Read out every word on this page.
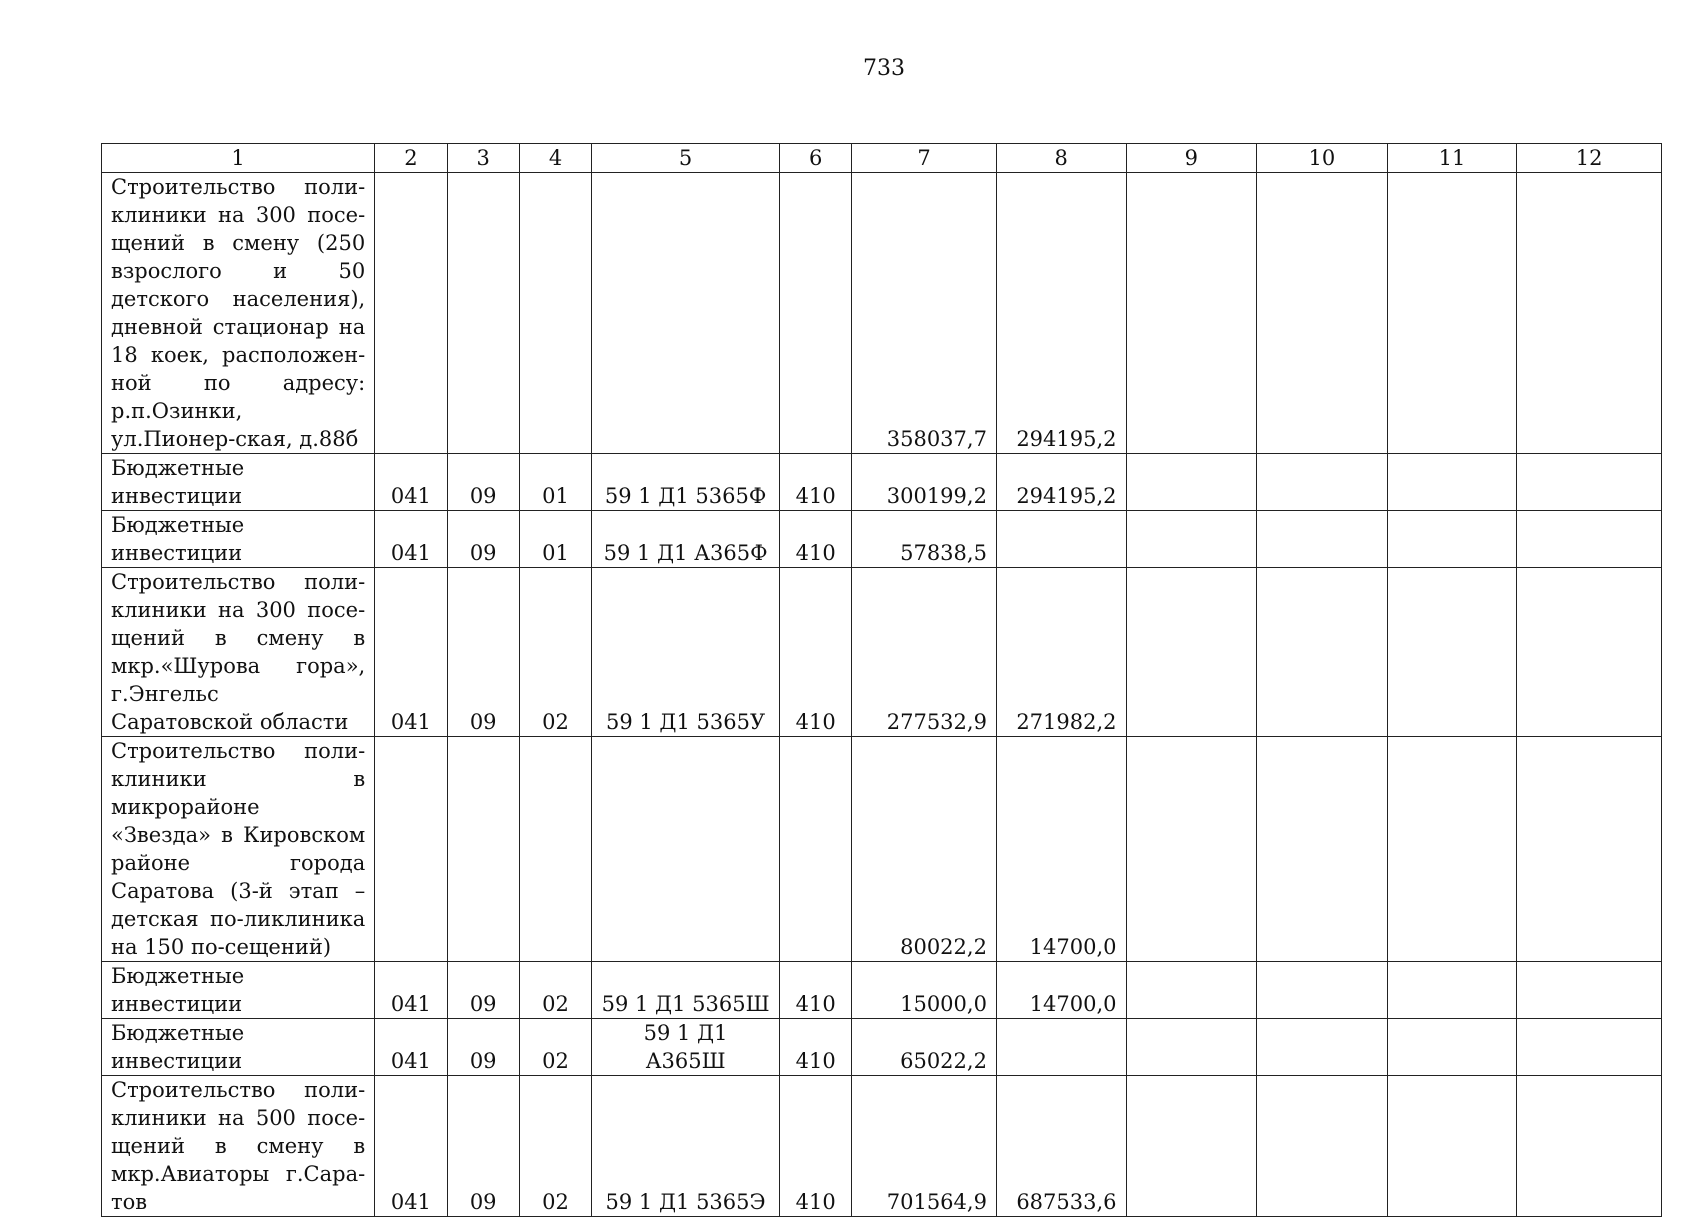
733
1	2	3	4	5	6	7	8	9	10	11	12
Строительство поли-клиники на 300 посе-щений в смену (250 взрослого и 50 детского населения), дневной стационар на 18 коек, расположен-ной по адресу: р.п.Озинки, ул.Пионер-ская, д.88б						358037,7	294195,2				
Бюджетные инвестиции	041	09	01	59 1 Д1 5365Ф	410	300199,2	294195,2				
Бюджетные инвестиции	041	09	01	59 1 Д1 А365Ф	410	57838,5					
Строительство поли-клиники на 300 посе-щений в смену в мкр.«Шурова гора», г.Энгельс Саратовской области	041	09	02	59 1 Д1 5365У	410	277532,9	271982,2				
Строительство поли-клиники в микрорайоне «Звезда» в Кировском районе города Саратова (3-й этап – детская по-ликлиника на 150 по-сещений)						80022,2	14700,0				
Бюджетные инвестиции	041	09	02	59 1 Д1 5365Ш	410	15000,0	14700,0				
Бюджетные инвестиции	041	09	02	59 1 Д1 А365Ш	410	65022,2					
Строительство поли-клиники на 500 посе-щений в смену в мкр.Авиаторы г.Сара-тов	041	09	02	59 1 Д1 5365Э	410	701564,9	687533,6				
